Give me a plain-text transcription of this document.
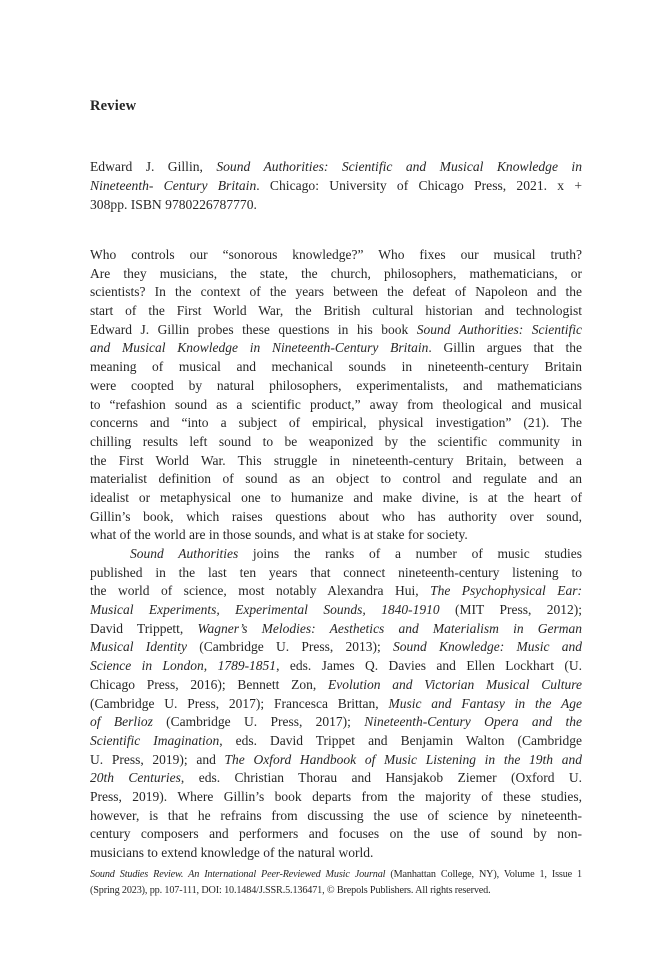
Review
Edward J. Gillin, Sound Authorities: Scientific and Musical Knowledge in
Nineteenth- Century Britain. Chicago: University of Chicago Press, 2021. x +
308pp. ISBN 9780226787770.
Who controls our “sonorous knowledge?” Who fixes our musical truth?
Are they musicians, the state, the church, philosophers, mathematicians, or
scientists? In the context of the years between the defeat of Napoleon and the
start of the First World War, the British cultural historian and technologist
Edward J. Gillin probes these questions in his book Sound Authorities: Scientific
and Musical Knowledge in Nineteenth-Century Britain. Gillin argues that the
meaning of musical and mechanical sounds in nineteenth-century Britain
were coopted by natural philosophers, experimentalists, and mathematicians
to “refashion sound as a scientific product,” away from theological and musical
concerns and “into a subject of empirical, physical investigation” (21). The
chilling results left sound to be weaponized by the scientific community in
the First World War. This struggle in nineteenth-century Britain, between a
materialist definition of sound as an object to control and regulate and an
idealist or metaphysical one to humanize and make divine, is at the heart of
Gillin’s book, which raises questions about who has authority over sound,
what of the world are in those sounds, and what is at stake for society.
Sound Authorities joins the ranks of a number of music studies
published in the last ten years that connect nineteenth-century listening to
the world of science, most notably Alexandra Hui, The Psychophysical Ear:
Musical Experiments, Experimental Sounds, 1840-1910 (MIT Press, 2012);
David Trippett, Wagner’s Melodies: Aesthetics and Materialism in German
Musical Identity (Cambridge U. Press, 2013); Sound Knowledge: Music and
Science in London, 1789-1851, eds. James Q. Davies and Ellen Lockhart (U.
Chicago Press, 2016); Bennett Zon, Evolution and Victorian Musical Culture
(Cambridge U. Press, 2017); Francesca Brittan, Music and Fantasy in the Age
of Berlioz (Cambridge U. Press, 2017); Nineteenth-Century Opera and the
Scientific Imagination, eds. David Trippet and Benjamin Walton (Cambridge
U. Press, 2019); and The Oxford Handbook of Music Listening in the 19th and
20th Centuries, eds. Christian Thorau and Hansjakob Ziemer (Oxford U.
Press, 2019). Where Gillin’s book departs from the majority of these studies,
however, is that he refrains from discussing the use of science by nineteenth-
century composers and performers and focuses on the use of sound by non-
musicians to extend knowledge of the natural world.
Sound Studies Review. An International Peer-Reviewed Music Journal (Manhattan College, NY), Volume 1, Issue 1
(Spring 2023), pp. 107-111, DOI: 10.1484/J.SSR.5.136471, © Brepols Publishers. All rights reserved.
